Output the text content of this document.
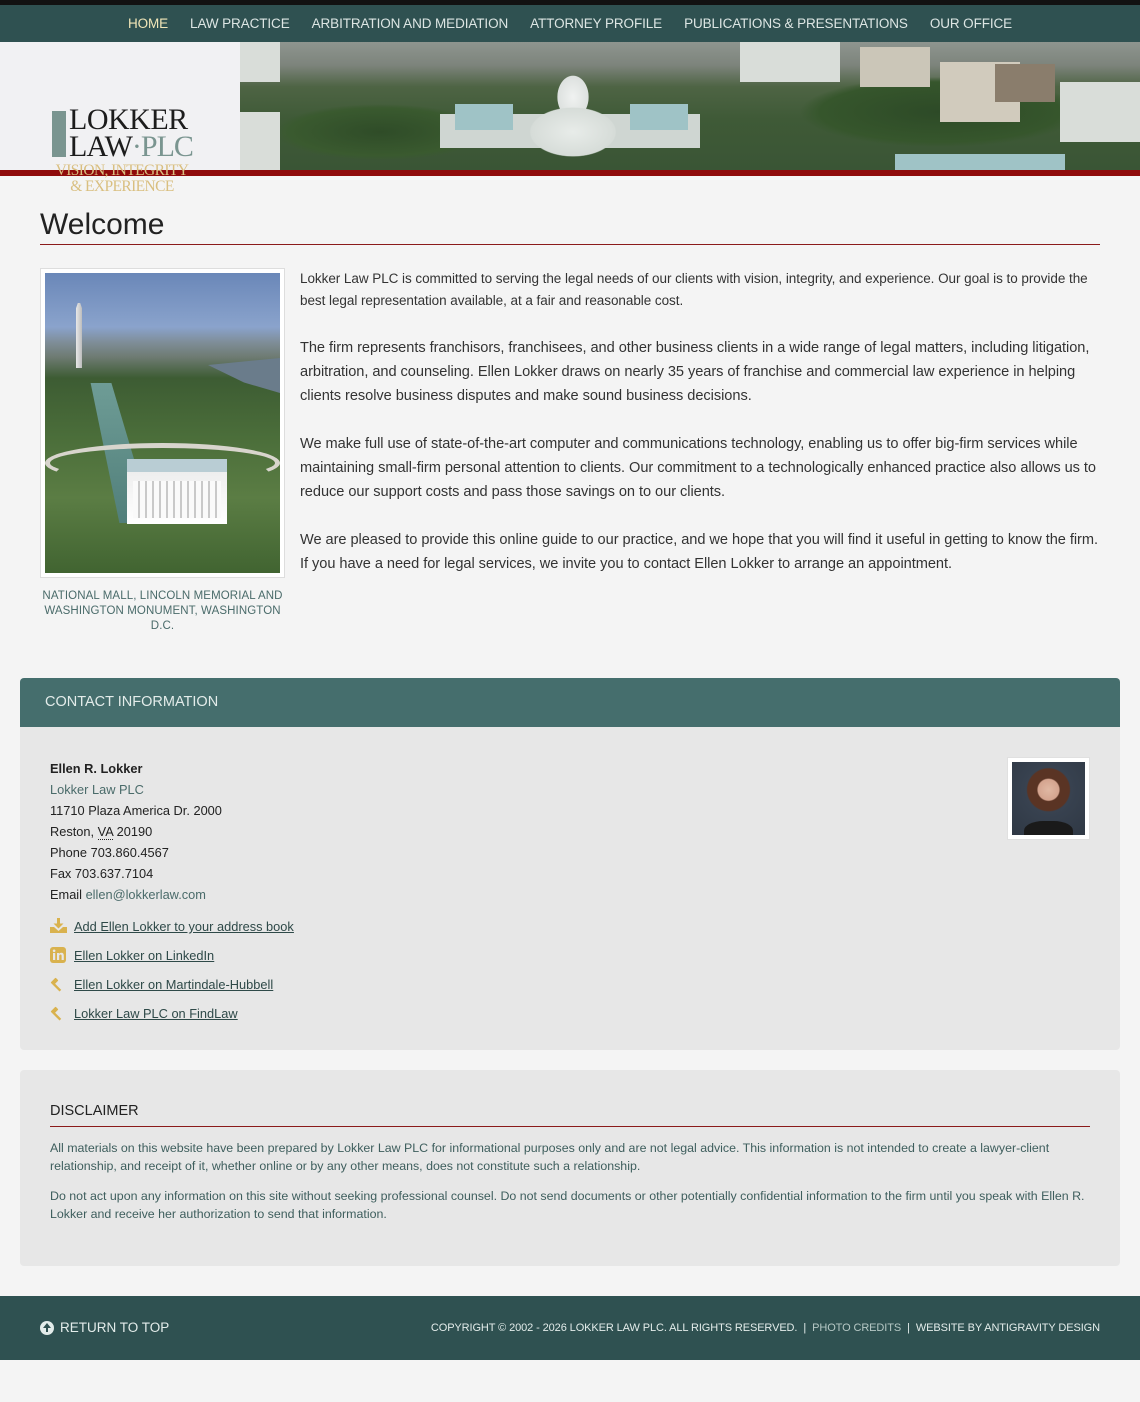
HOME	LAW PRACTICE	ARBITRATION AND MEDIATION	ATTORNEY PROFILE	PUBLICATIONS & PRESENTATIONS	OUR OFFICE
LOKKER
LAW·PLC
VISION, INTEGRITY
& EXPERIENCE
Welcome
NATIONAL MALL, LINCOLN MEMORIAL AND WASHINGTON MONUMENT, WASHINGTON D.C.

Lokker Law PLC is committed to serving the legal needs of our clients with vision, integrity, and experience. Our goal is to provide the best legal representation available, at a fair and reasonable cost.

The firm represents franchisors, franchisees, and other business clients in a wide range of legal matters, including litigation, arbitration, and counseling. Ellen Lokker draws on nearly 35 years of franchise and commercial law experience in helping clients resolve business disputes and make sound business decisions.

We make full use of state-of-the-art computer and communications technology, enabling us to offer big-firm services while maintaining small-firm personal attention to clients. Our commitment to a technologically enhanced practice also allows us to reduce our support costs and pass those savings on to our clients.

We are pleased to provide this online guide to our practice, and we hope that you will find it useful in getting to know the firm. If you have a need for legal services, we invite you to contact Ellen Lokker to arrange an appointment.

CONTACT INFORMATION
Ellen R. Lokker
Lokker Law PLC
11710 Plaza America Dr. 2000
Reston, VA 20190
Phone 703.860.4567
Fax 703.637.7104
Email ellen@lokkerlaw.com
Add Ellen Lokker to your address book
Ellen Lokker on LinkedIn
Ellen Lokker on Martindale-Hubbell
Lokker Law PLC on FindLaw
DISCLAIMER

All materials on this website have been prepared by Lokker Law PLC for informational purposes only and are not legal advice. This information is not intended to create a lawyer-client relationship, and receipt of it, whether online or by any other means, does not constitute such a relationship.

Do not act upon any information on this site without seeking professional counsel. Do not send documents or other potentially confidential information to the firm until you speak with Ellen R. Lokker and receive her authorization to send that information.

RETURN TO TOP	COPYRIGHT © 2002 - 2026 LOKKER LAW PLC. ALL RIGHTS RESERVED. | PHOTO CREDITS | WEBSITE BY ANTIGRAVITY DESIGN
